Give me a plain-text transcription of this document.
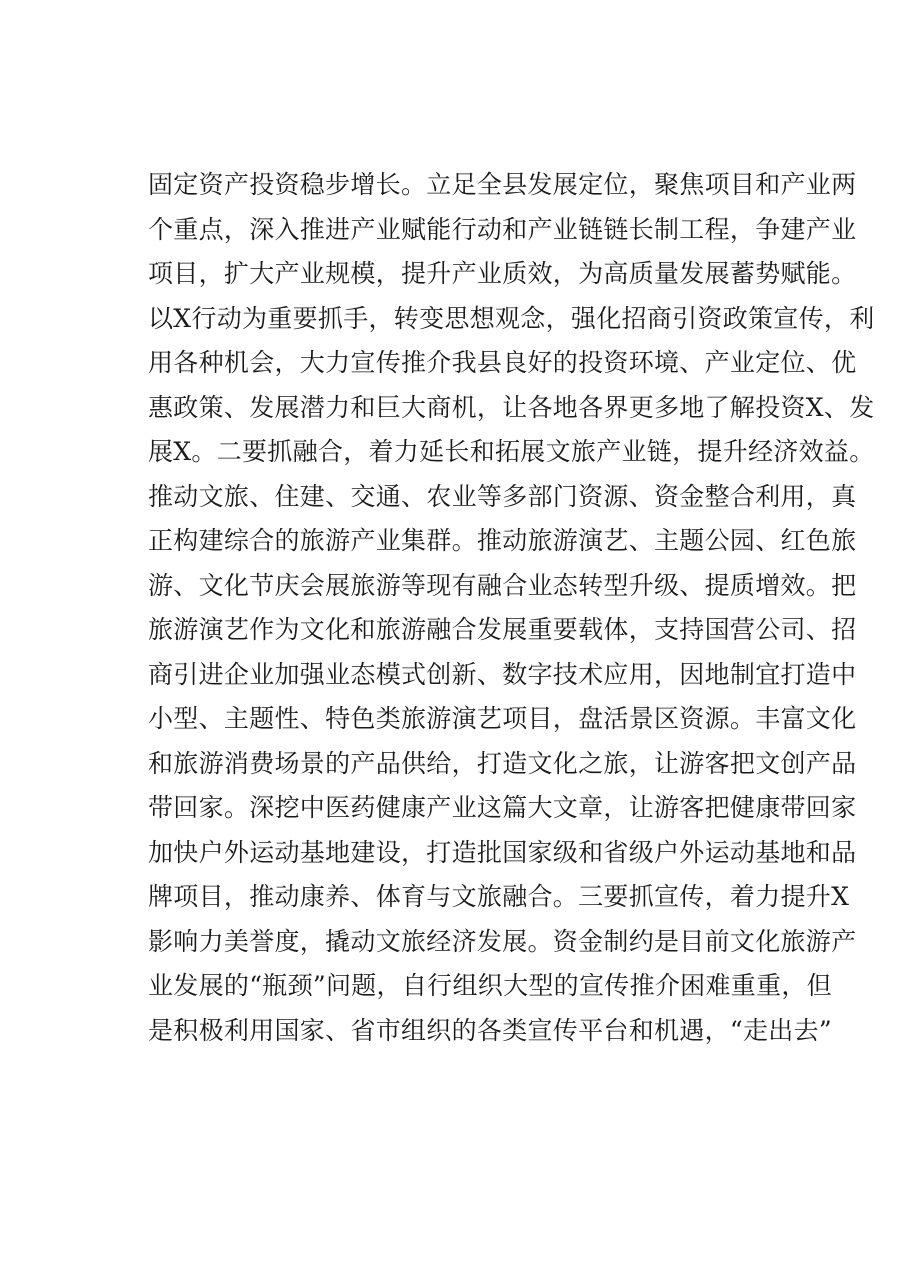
固定资产投资稳步增长。立足全县发展定位，聚焦项目和产业两
个重点，深入推进产业赋能行动和产业链链长制工程，争建产业
项目，扩大产业规模，提升产业质效，为高质量发展蓄势赋能。
以X行动为重要抓手，转变思想观念，强化招商引资政策宣传，利
用各种机会，大力宣传推介我县良好的投资环境、产业定位、优
惠政策、发展潜力和巨大商机，让各地各界更多地了解投资X、发
展X。二要抓融合，着力延长和拓展文旅产业链，提升经济效益。
推动文旅、住建、交通、农业等多部门资源、资金整合利用，真
正构建综合的旅游产业集群。推动旅游演艺、主题公园、红色旅
游、文化节庆会展旅游等现有融合业态转型升级、提质增效。把
旅游演艺作为文化和旅游融合发展重要载体，支持国营公司、招
商引进企业加强业态模式创新、数字技术应用，因地制宜打造中
小型、主题性、特色类旅游演艺项目，盘活景区资源。丰富文化
和旅游消费场景的产品供给，打造文化之旅，让游客把文创产品
带回家。深挖中医药健康产业这篇大文章，让游客把健康带回家
加快户外运动基地建设，打造批国家级和省级户外运动基地和品
牌项目，推动康养、体育与文旅融合。三要抓宣传，着力提升X
影响力美誉度，撬动文旅经济发展。资金制约是目前文化旅游产
业发展的“瓶颈”问题，自行组织大型的宣传推介困难重重，但
是积极利用国家、省市组织的各类宣传平台和机遇，“走出去”
